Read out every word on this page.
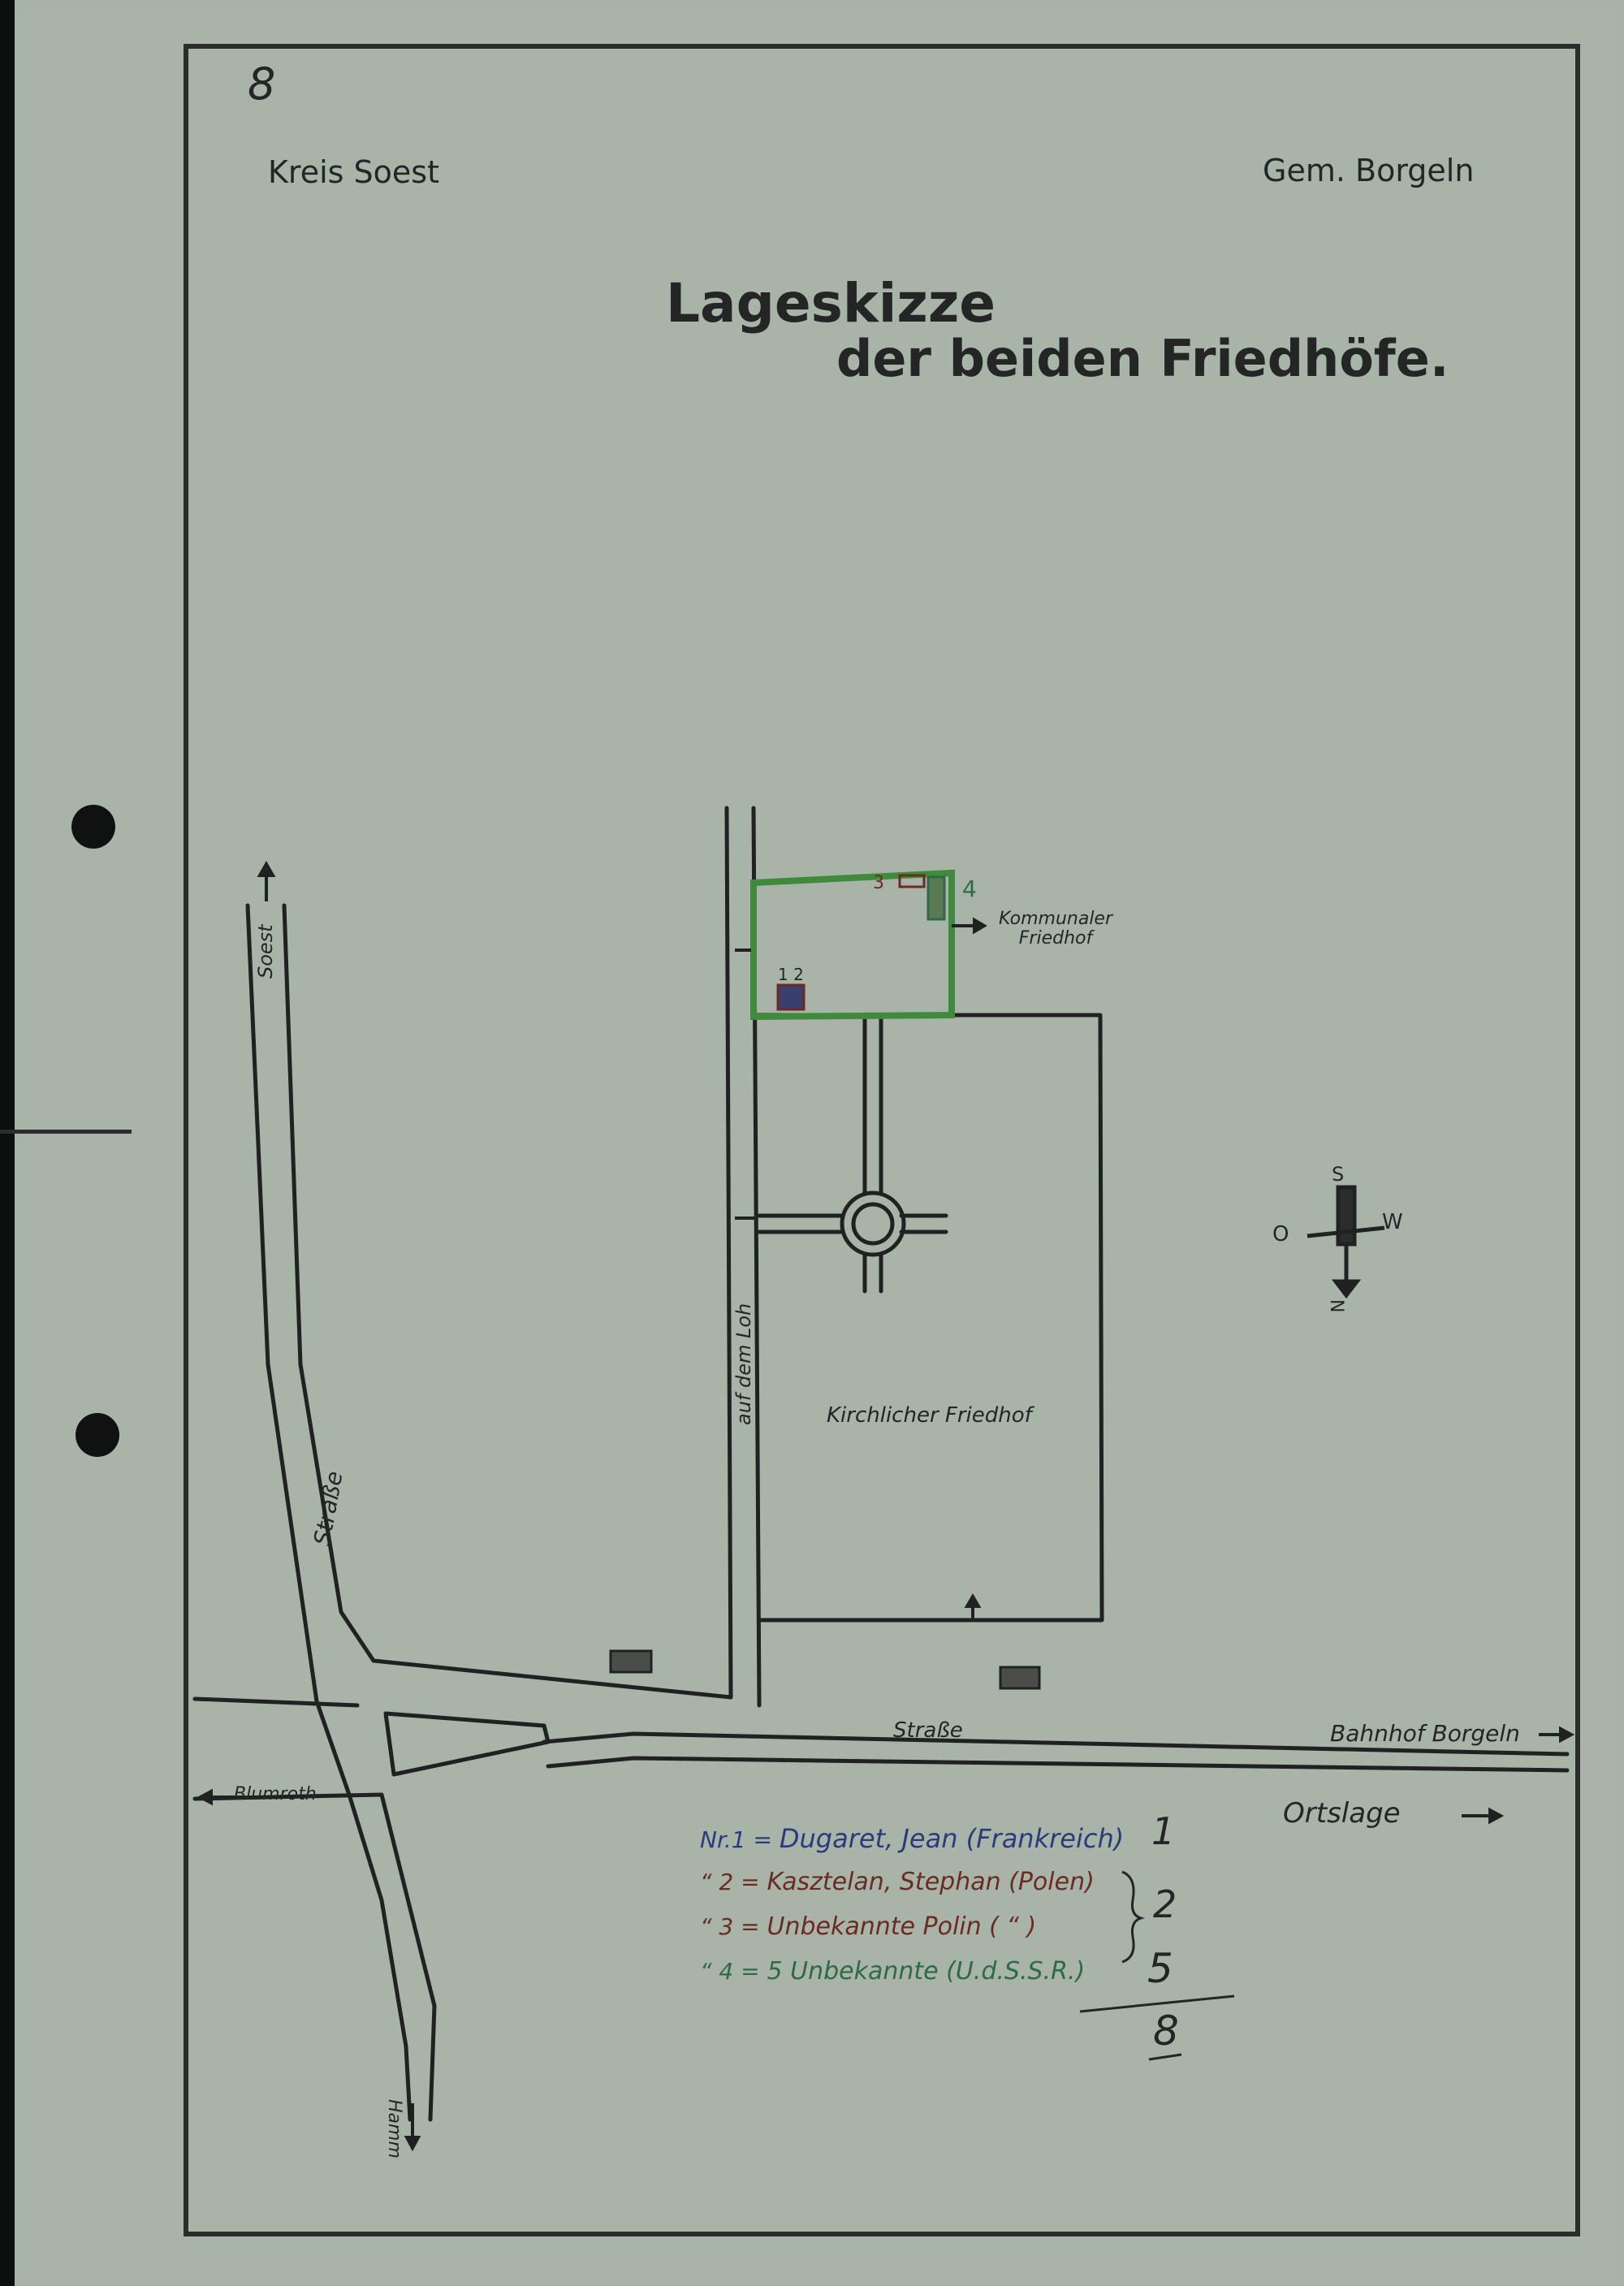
8
Kreis Soest	Gem. Borgeln
Lageskizze
der beiden Friedhöfe.
Soest
Straße
auf dem Loh
Straße	Bahnhof Borgeln
Blumroth
Hamm
Kommunaler Friedhof
Kirchlicher Friedhof
1 2
3	4
S
O	W
N
Ortslage
Nr.1 = Dugaret, Jean (Frankreich)
“ 2 = Kasztelan, Stephan (Polen)
“ 3 = Unbekannte Polin ( “ )
“ 4 = 5 Unbekannte (U.d.S.S.R.)
1
2
5
8
